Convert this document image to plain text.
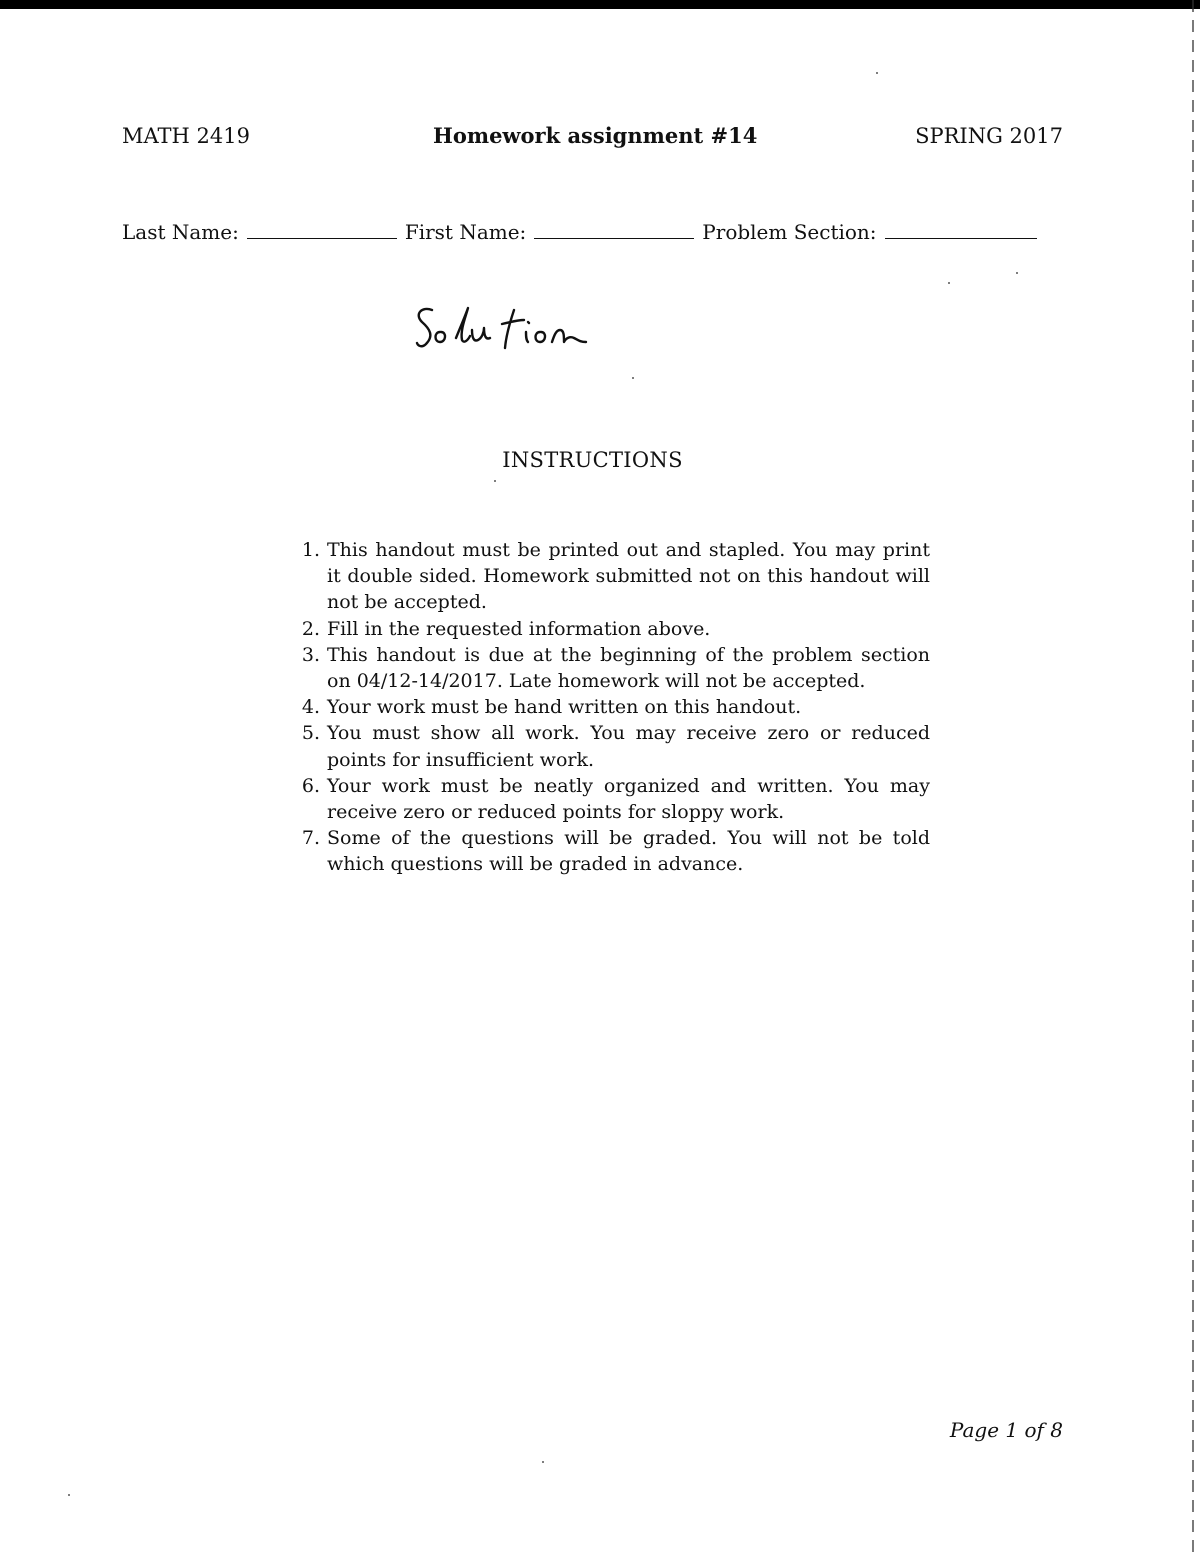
MATH 2419	Homework assignment #14	SPRING 2017
Last Name:	First Name:	Problem Section:
INSTRUCTIONS
1. This handout must be printed out and stapled. You may print it double sided. Homework submitted not on this handout will not be accepted.
2. Fill in the requested information above.
3. This handout is due at the beginning of the problem section on 04/12-14/2017. Late homework will not be accepted.
4. Your work must be hand written on this handout.
5. You must show all work. You may receive zero or reduced points for insufficient work.
6. Your work must be neatly organized and written. You may receive zero or reduced points for sloppy work.
7. Some of the questions will be graded. You will not be told which questions will be graded in advance.
Page 1 of 8
